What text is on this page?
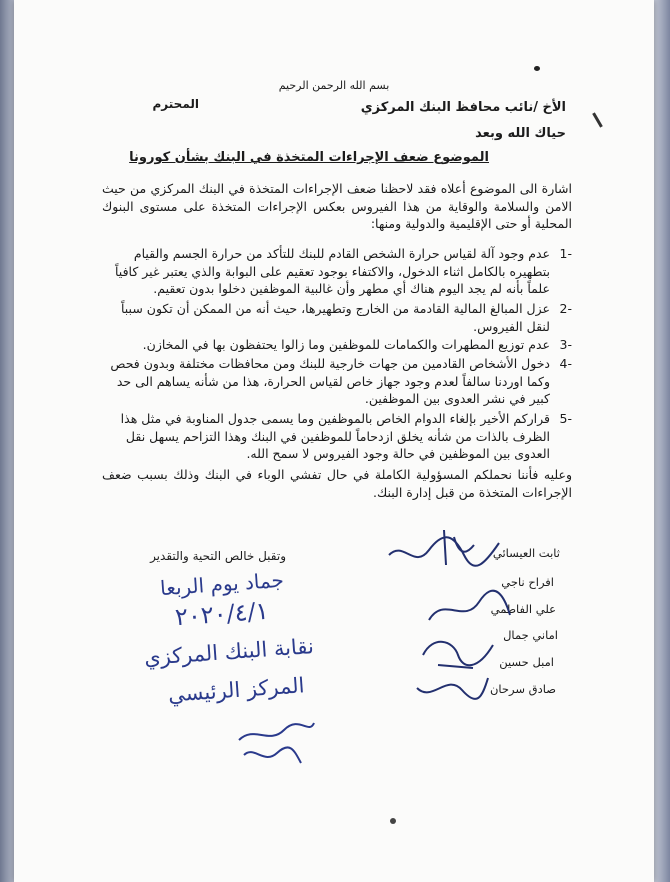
بسم الله الرحمن الرحيم
الأخ /نائب محافظ البنك المركزي
المحترم
حياك الله وبعد
الموضوع ضعف الإجراءات المتخذة في البنك بشأن كورونا
اشارة الى الموضوع أعلاه فقد لاحظنا ضعف الإجراءات المتخذة في البنك المركزي من حيث الامن والسلامة والوقاية من هذا الفيروس بعكس الإجراءات المتخذة على مستوى البنوك المحلية أو حتى الإقليمية والدولية ومنها:
-1
عدم وجود آلة لقياس حرارة الشخص القادم للبنك للتأكد من حرارة الجسم والقيام بتطهيره بالكامل اثناء الدخول، والاكتفاء بوجود تعقيم على البوابة والذي يعتبر غير كافياً علماً بأنه لم يجد اليوم هناك أي مطهر وأن غالبية الموظفين دخلوا بدون تعقيم.
-2
عزل المبالغ المالية القادمة من الخارج وتطهيرها، حيث أنه من الممكن أن تكون سبباً لنقل الفيروس.
-3
عدم توزيع المطهرات والكمامات للموظفين وما زالوا يحتفظون بها في المخازن.
-4
دخول الأشخاص القادمين من جهات خارجية للبنك ومن محافظات مختلفة وبدون فحص وكما اوردنا سالفاً لعدم وجود جهاز خاص لقياس الحرارة، هذا من شأنه يساهم الى حد كبير في نشر العدوى بين الموظفين.
-5
قراركم الأخير بإلغاء الدوام الخاص بالموظفين وما يسمى جدول المناوبة في مثل هذا الظرف بالذات من شأنه يخلق ازدحاماً للموظفين في البنك وهذا التزاحم يسهل نقل العدوى بين الموظفين في حالة وجود الفيروس لا سمح الله.
وعليه فأننا نحملكم المسؤولية الكاملة في حال تفشي الوباء في البنك وذلك بسبب ضعف الإجراءات المتخذة من قبل إدارة البنك.
وتقبل خالص التحية والتقدير	ثابت العيسائي
افراح ناجي
علي الفاطمي
اماني جمال
امبل حسين
صادق سرحان
جماد يوم الربعا
٢٠٢٠/٤/١
نقابة البنك المركزي
المركز الرئيسي
